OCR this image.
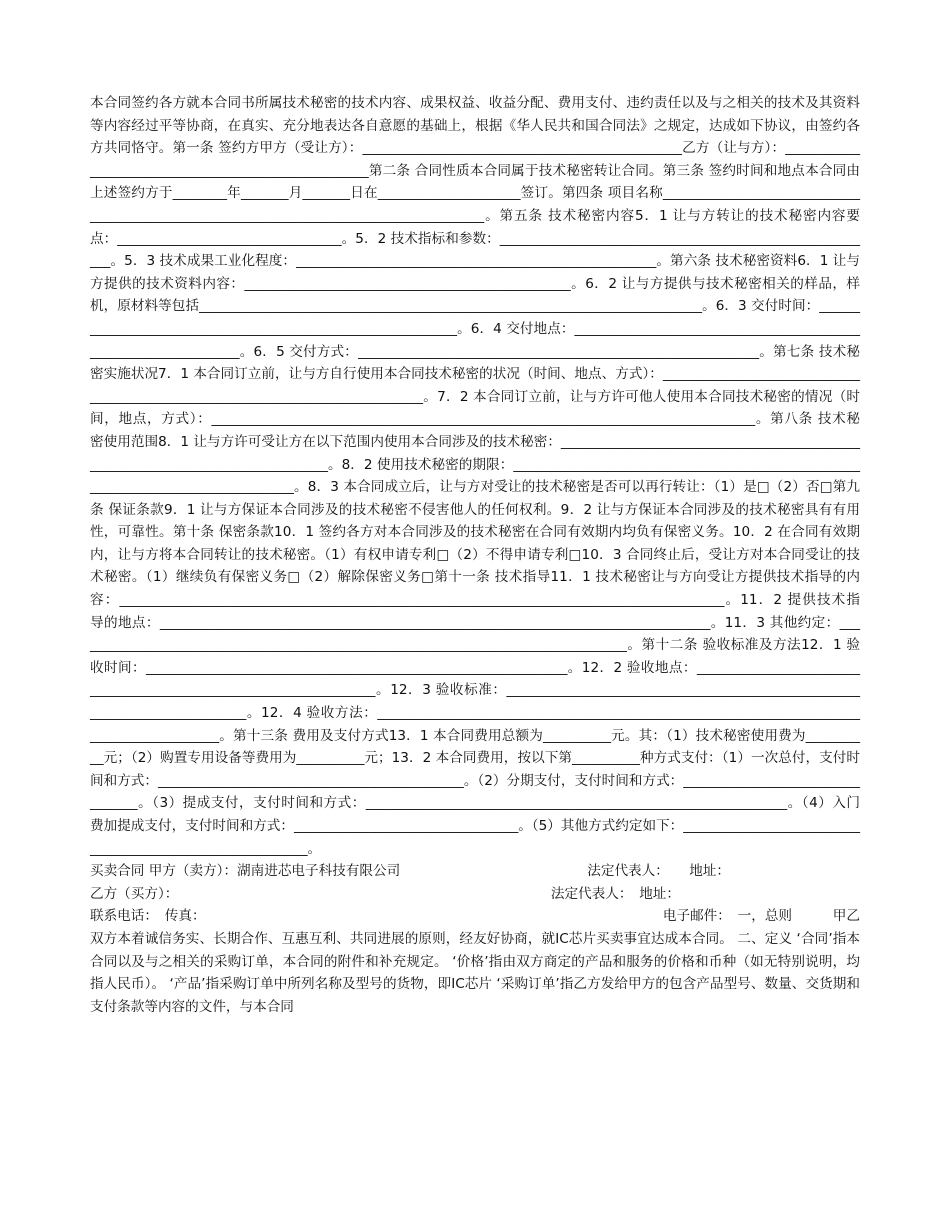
本合同签约各方就本合同书所属技术秘密的技术内容、成果权益、收益分配、费用支付、违约责任以及与之相关的技术及其资料等内容经过平等协商，在真实、充分地表达各自意愿的基础上，根据《华人民共和国合同法》之规定，达成如下协议，由签约各方共同恪守。第一条 签约方甲方（受让方）：_______________________________________________乙方（让与方）：____________________________________________________第二条 合同性质本合同属于技术秘密转让合同。第三条 签约时间和地点本合同由上述签约方于________年_______月_______日在_____________________签订。第四条 项目名称_______________________________________________________________________________________。第五条 技术秘密内容5．1 让与方转让的技术秘密内容要点：_________________________________。5．2 技术指标和参数：________________________________________________________。5．3 技术成果工业化程度：_____________________________________________________。第六条 技术秘密资料6．1 让与方提供的技术资料内容：________________________________________________。6．2 让与方提供与技术秘密相关的样品，样机，原材料等包括__________________________________________________________________________。6．3 交付时间：____________________________________________________________。6．4 交付地点：________________________________________________________________。6．5 交付方式：___________________________________________________________。第七条 技术秘密实施状况7．1 本合同订立前，让与方自行使用本合同技术秘密的状况（时间、地点、方式）：______________________________________________________________________________。7．2 本合同订立前，让与方许可他人使用本合同技术秘密的情况（时间，地点，方式）：________________________________________________________________________________。第八条 技术秘密使用范围8．1 让与方许可受让方在以下范围内使用本合同涉及的技术秘密：_______________________________________________________________________________。8．2 使用技术秘密的期限：_________________________________________________________________________________。8．3 本合同成立后，让与方对受让的技术秘密是否可以再行转让：（1）是□（2）否□第九条 保证条款9．1 让与方保证本合同涉及的技术秘密不侵害他人的任何权利。9．2 让与方保证本合同涉及的技术秘密具有有用性，可靠性。第十条 保密条款10．1 签约各方对本合同涉及的技术秘密在合同有效期内均负有保密义务。10．2 在合同有效期内，让与方将本合同转让的技术秘密。（1）有权申请专利□（2）不得申请专利□10．3 合同终止后，受让方对本合同受让的技术秘密。（1）继续负有保密义务□（2）解除保密义务□第十一条 技术指导11．1 技术秘密让与方向受让方提供技术指导的内容：_________________________________________________________________________________________。11．2 提供技术指导的地点：_________________________________________________________________________________。11．3 其他约定：__________________________________________________________________________________。第十二条 验收标准及方法12．1 验收时间：______________________________________________________________。12．2 验收地点：__________________________________________________________________。12．3 验收标准：___________________________________________________________________________。12．4 验收方法：__________________________________________________________________________________________。第十三条 费用及支付方式13．1 本合同费用总额为__________元。其：（1）技术秘密使用费为__________元；（2）购置专用设备等费用为__________元；13．2 本合同费用，按以下第__________种方式支付：（1）一次总付，支付时间和方式：_____________________________________________。（2）分期支付，支付时间和方式：_________________________________。（3）提成支付，支付时间和方式：______________________________________________________________。（4）入门费加提成支付，支付时间和方式：_________________________________。（5）其他方式约定如下：__________________________________________________________。

买卖合同 甲方（卖方）：湖南进芯电子科技有限公司	法定代表人：　　地址：

乙方（买方）：	法定代表人：　地址：

联系电话：　传真：	电子邮件：　一，总则　　　甲乙

双方本着诚信务实、长期合作、互惠互利、共同进展的原则，经友好协商，就IC芯片买卖事宜达成本合同。 二、定义 ‘合同’指本合同以及与之相关的采购订单，本合同的附件和补充规定。 ‘价格’指由双方商定的产品和服务的价格和币种（如无特别说明，均指人民币）。 ‘产品’指采购订单中所列名称及型号的货物，即IC芯片 ‘采购订单’指乙方发给甲方的包含产品型号、数量、交货期和支付条款等内容的文件，与本合同
